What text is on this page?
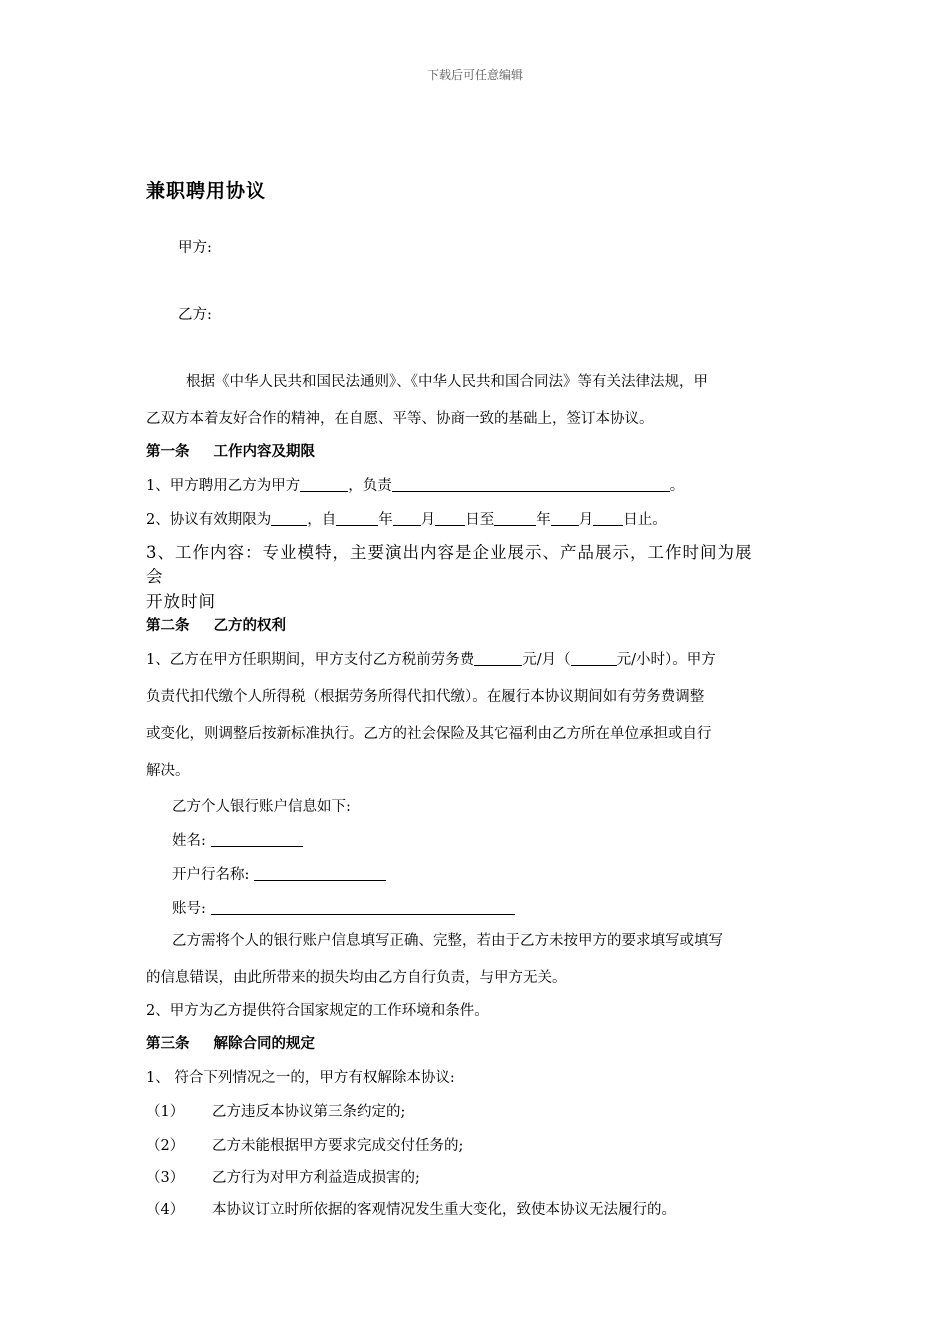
下载后可任意编辑
兼职聘用协议
甲方:
乙方:
根据《中华人民共和国民法通则》、《中华人民共和国合同法》等有关法律法规，甲
乙双方本着友好合作的精神，在自愿、平等、协商一致的基础上，签订本协议。
第一条 工作内容及期限
1、甲方聘用乙方为甲方	，负责	。
2、协议有效期限为 ，自	年 月 日至	年 月 日止。
3、工作内容：专业模特，主要演出内容是企业展示、产品展示，工作时间为展
会
开放时间
第二条 乙方的权利
1、乙方在甲方任职期间，甲方支付乙方税前劳务费	元/月（	元/小时）。甲方
负责代扣代缴个人所得税（根据劳务所得代扣代缴）。在履行本协议期间如有劳务费调整
或变化，则调整后按新标准执行。乙方的社会保险及其它福利由乙方所在单位承担或自行
解决。
乙方个人银行账户信息如下:
姓名:
开户行名称:
账号:
乙方需将个人的银行账户信息填写正确、完整，若由于乙方未按甲方的要求填写或填写
的信息错误，由此所带来的损失均由乙方自行负责，与甲方无关。
2、甲方为乙方提供符合国家规定的工作环境和条件。
第三条 解除合同的规定
1、 符合下列情况之一的，甲方有权解除本协议:
（1） 乙方违反本协议第三条约定的;
（2） 乙方未能根据甲方要求完成交付任务的;
（3） 乙方行为对甲方利益造成损害的;
（4） 本协议订立时所依据的客观情况发生重大变化，致使本协议无法履行的。
